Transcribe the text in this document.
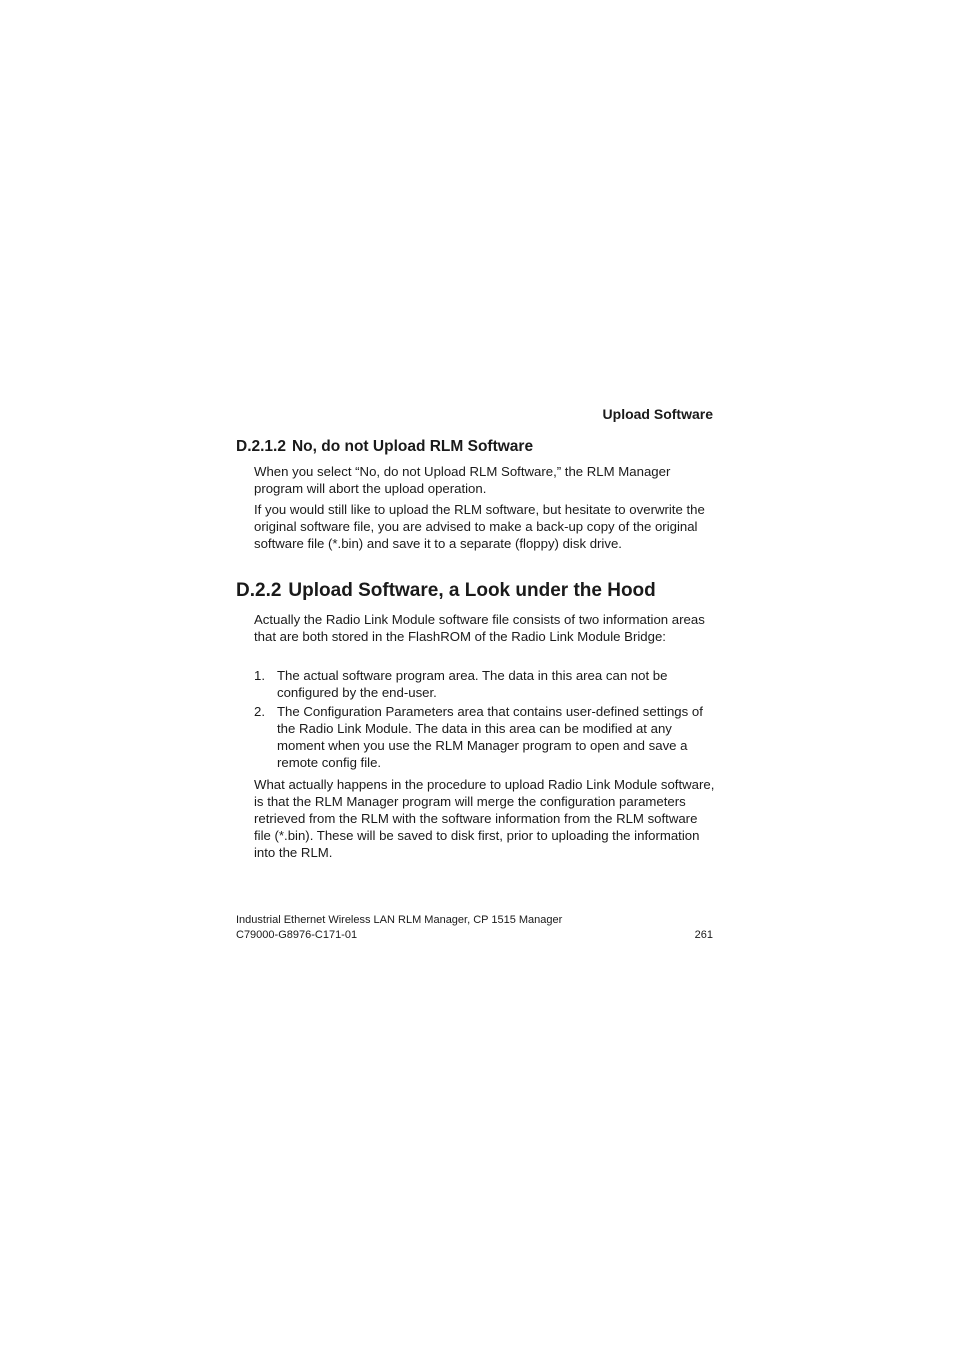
Upload Software
D.2.1.2 No, do not Upload RLM Software
When you select “No, do not Upload RLM Software,” the RLM Manager program will abort the upload operation.
If you would still like to upload the RLM software, but hesitate to overwrite the original software file, you are advised to make a back-up copy of the original software file (*.bin) and save it to a separate (floppy) disk drive.
D.2.2 Upload Software, a Look under the Hood
Actually the Radio Link Module software file consists of two information areas that are both stored in the FlashROM of the Radio Link Module Bridge:
1. The actual software program area. The data in this area can not be configured by the end-user.
2. The Configuration Parameters area that contains user-defined settings of the Radio Link Module. The data in this area can be modified at any moment when you use the RLM Manager program to open and save a remote config file.
What actually happens in the procedure to upload Radio Link Module software, is that the RLM Manager program will merge the configuration parameters retrieved from the RLM with the software information from the RLM software file (*.bin). These will be saved to disk first, prior to uploading the information into the RLM.
Industrial Ethernet Wireless LAN RLM Manager, CP 1515 Manager
C79000-G8976-C171-01	261
